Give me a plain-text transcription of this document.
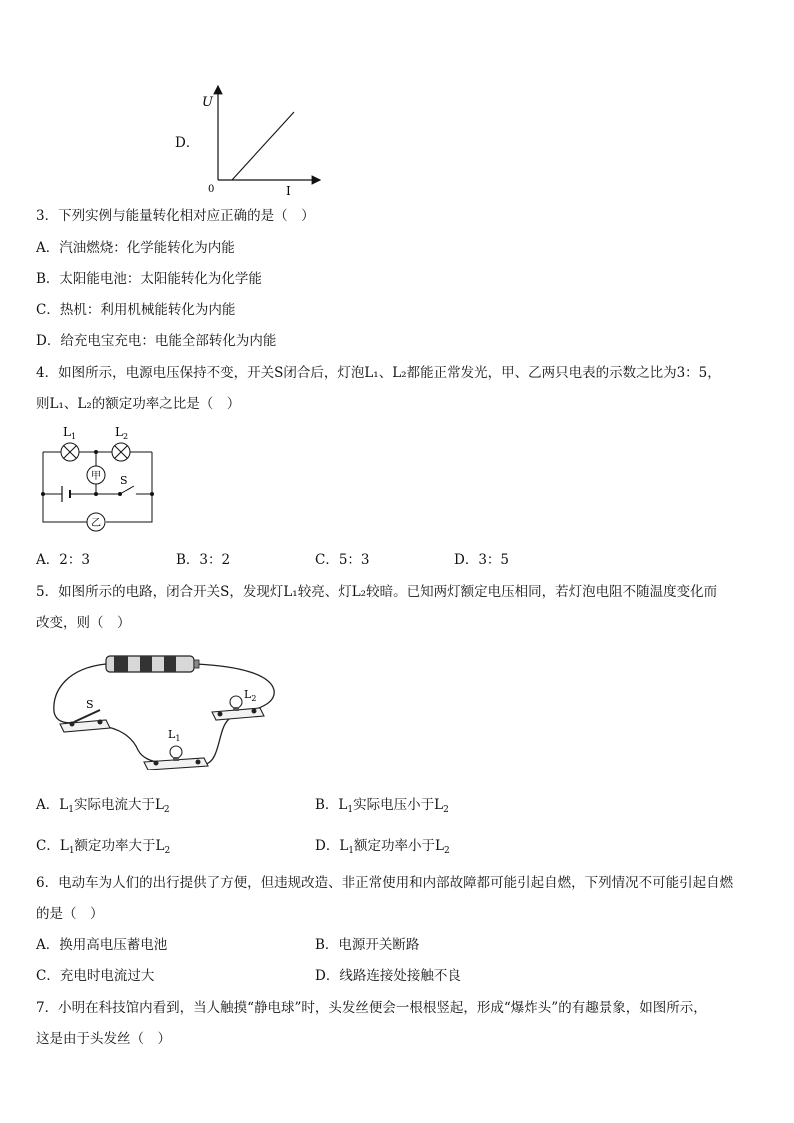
D．
U
I
0
3．下列实例与能量转化相对应正确的是（　）
A．汽油燃烧：化学能转化为内能
B．太阳能电池：太阳能转化为化学能
C．热机：利用机械能转化为内能
D．给充电宝充电：电能全部转化为内能
4．如图所示，电源电压保持不变，开关S闭合后，灯泡L₁、L₂都能正常发光，甲、乙两只电表的示数之比为3：5，
则L₁、L₂的额定功率之比是（　）
甲
乙
$L_1$	$L_2$
S
A．2：3	B．3：2	C．5：3	D．3：5
5．如图所示的电路，闭合开关S，发现灯L₁较亮、灯L₂较暗。已知两灯额定电压相同，若灯泡电阻不随温度变化而
改变，则（　）
S
$L_1$
$L_2$
A．$L_1$实际电流大于$L_2$	B．$L_1$实际电压小于$L_2$
C．$L_1$额定功率大于$L_2$	D．$L_1$额定功率小于$L_2$
6．电动车为人们的出行提供了方便，但违规改造、非正常使用和内部故障都可能引起自燃，下列情况不可能引起自燃
的是（　）
A．换用高电压蓄电池	B．电源开关断路
C．充电时电流过大	D．线路连接处接触不良
7．小明在科技馆内看到，当人触摸“静电球”时，头发丝便会一根根竖起，形成“爆炸头”的有趣景象，如图所示，
这是由于头发丝（　）
